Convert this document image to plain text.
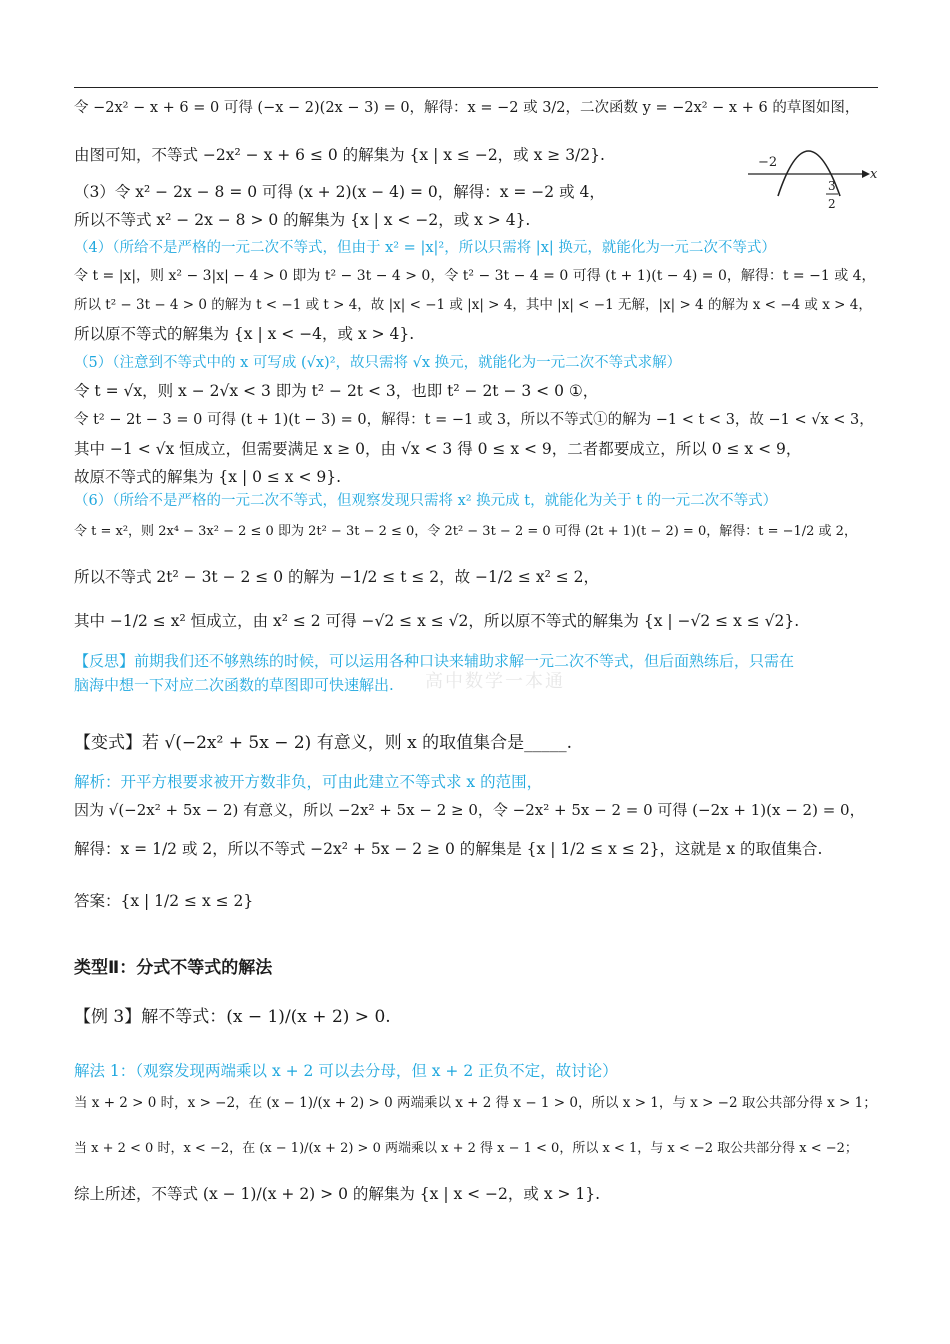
令 −2x² − x + 6 = 0 可得 (−x − 2)(2x − 3) = 0，解得：x = −2 或 3/2，二次函数 y = −2x² − x + 6 的草图如图，
由图可知，不等式 −2x² − x + 6 ≤ 0 的解集为 {x | x ≤ −2，或 x ≥ 3/2}.
（3）令 x² − 2x − 8 = 0 可得 (x + 2)(x − 4) = 0，解得：x = −2 或 4，
所以不等式 x² − 2x − 8 > 0 的解集为 {x | x < −2，或 x > 4}.
（4）（所给不是严格的一元二次不等式，但由于 x² = |x|²，所以只需将 |x| 换元，就能化为一元二次不等式）
令 t = |x|，则 x² − 3|x| − 4 > 0 即为 t² − 3t − 4 > 0，令 t² − 3t − 4 = 0 可得 (t + 1)(t − 4) = 0，解得：t = −1 或 4，
所以 t² − 3t − 4 > 0 的解为 t < −1 或 t > 4，故 |x| < −1 或 |x| > 4，其中 |x| < −1 无解，|x| > 4 的解为 x < −4 或 x > 4，
所以原不等式的解集为 {x | x < −4，或 x > 4}.
（5）（注意到不等式中的 x 可写成 (√x)²，故只需将 √x 换元，就能化为一元二次不等式求解）
令 t = √x，则 x − 2√x < 3 即为 t² − 2t < 3，也即 t² − 2t − 3 < 0 ①，
令 t² − 2t − 3 = 0 可得 (t + 1)(t − 3) = 0，解得：t = −1 或 3，所以不等式①的解为 −1 < t < 3，故 −1 < √x < 3，
其中 −1 < √x 恒成立，但需要满足 x ≥ 0，由 √x < 3 得 0 ≤ x < 9，二者都要成立，所以 0 ≤ x < 9，
故原不等式的解集为 {x | 0 ≤ x < 9}.
（6）（所给不是严格的一元二次不等式，但观察发现只需将 x² 换元成 t，就能化为关于 t 的一元二次不等式）
令 t = x²，则 2x⁴ − 3x² − 2 ≤ 0 即为 2t² − 3t − 2 ≤ 0，令 2t² − 3t − 2 = 0 可得 (2t + 1)(t − 2) = 0，解得：t = −1/2 或 2，
所以不等式 2t² − 3t − 2 ≤ 0 的解为 −1/2 ≤ t ≤ 2，故 −1/2 ≤ x² ≤ 2，
其中 −1/2 ≤ x² 恒成立，由 x² ≤ 2 可得 −√2 ≤ x ≤ √2，所以原不等式的解集为 {x | −√2 ≤ x ≤ √2}.
【反思】前期我们还不够熟练的时候，可以运用各种口诀来辅助求解一元二次不等式，但后面熟练后，只需在
脑海中想一下对应二次函数的草图即可快速解出. 高中数学一本通
【变式】若 √(−2x² + 5x − 2) 有意义，则 x 的取值集合是_____.
解析：开平方根要求被开方数非负，可由此建立不等式求 x 的范围，
因为 √(−2x² + 5x − 2) 有意义，所以 −2x² + 5x − 2 ≥ 0，令 −2x² + 5x − 2 = 0 可得 (−2x + 1)(x − 2) = 0，
解得：x = 1/2 或 2，所以不等式 −2x² + 5x − 2 ≥ 0 的解集是 {x | 1/2 ≤ x ≤ 2}，这就是 x 的取值集合.
答案：{x | 1/2 ≤ x ≤ 2}
类型Ⅱ：分式不等式的解法
【例 3】解不等式：(x − 1)/(x + 2) > 0.
解法 1：（观察发现两端乘以 x + 2 可以去分母，但 x + 2 正负不定，故讨论）
当 x + 2 > 0 时，x > −2，在 (x − 1)/(x + 2) > 0 两端乘以 x + 2 得 x − 1 > 0，所以 x > 1，与 x > −2 取公共部分得 x > 1；
当 x + 2 < 0 时，x < −2，在 (x − 1)/(x + 2) > 0 两端乘以 x + 2 得 x − 1 < 0，所以 x < 1，与 x < −2 取公共部分得 x < −2；
综上所述，不等式 (x − 1)/(x + 2) > 0 的解集为 {x | x < −2，或 x > 1}.
−2
x
3
2
